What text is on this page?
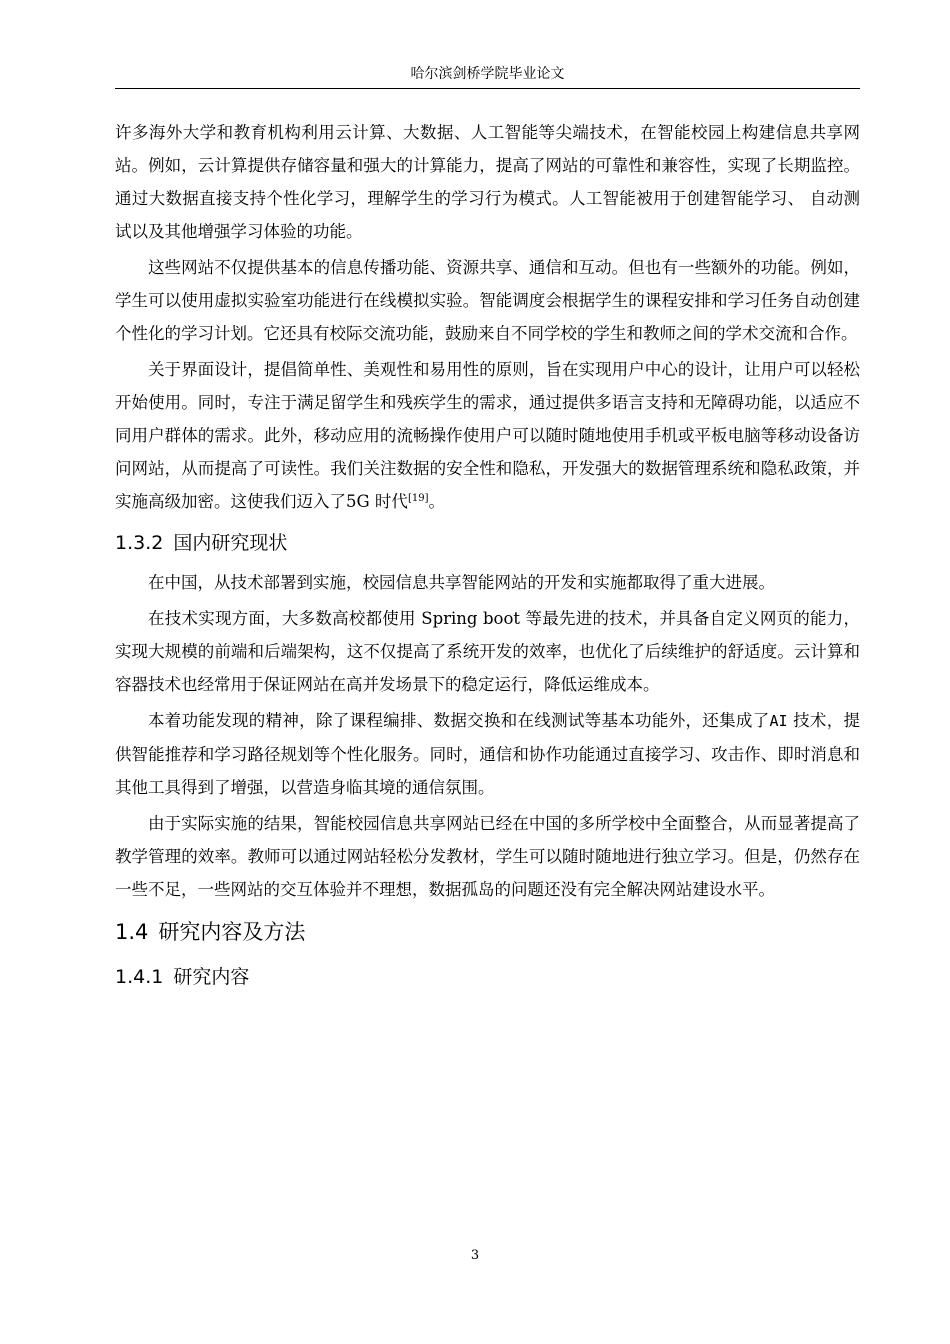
哈尔滨剑桥学院毕业论文

许多海外大学和教育机构利用云计算、大数据、人工智能等尖端技术，在智能校园上构建信息共享网站。例如，云计算提供存储容量和强大的计算能力，提高了网站的可靠性和兼容性，实现了长期监控。通过大数据直接支持个性化学习，理解学生的学习行为模式。人工智能被用于创建智能学习、 自动测试以及其他增强学习体验的功能。

这些网站不仅提供基本的信息传播功能、资源共享、通信和互动。但也有一些额外的功能。例如，学生可以使用虚拟实验室功能进行在线模拟实验。智能调度会根据学生的课程安排和学习任务自动创建个性化的学习计划。它还具有校际交流功能，鼓励来自不同学校的学生和教师之间的学术交流和合作。

关于界面设计，提倡简单性、美观性和易用性的原则，旨在实现用户中心的设计，让用户可以轻松开始使用。同时，专注于满足留学生和残疾学生的需求，通过提供多语言支持和无障碍功能，以适应不同用户群体的需求。此外，移动应用的流畅操作使用户可以随时随地使用手机或平板电脑等移动设备访问网站，从而提高了可读性。我们关注数据的安全性和隐私，开发强大的数据管理系统和隐私政策，并实施高级加密。这使我们迈入了5G 时代[19]。

1.3.2 国内研究现状

在中国，从技术部署到实施，校园信息共享智能网站的开发和实施都取得了重大进展。

在技术实现方面，大多数高校都使用 Spring boot 等最先进的技术，并具备自定义网页的能力，实现大规模的前端和后端架构，这不仅提高了系统开发的效率，也优化了后续维护的舒适度。云计算和容器技术也经常用于保证网站在高并发场景下的稳定运行，降低运维成本。

本着功能发现的精神，除了课程编排、数据交换和在线测试等基本功能外，还集成了AI 技术，提供智能推荐和学习路径规划等个性化服务。同时，通信和协作功能通过直接学习、攻击作、即时消息和其他工具得到了增强，以营造身临其境的通信氛围。

由于实际实施的结果，智能校园信息共享网站已经在中国的多所学校中全面整合，从而显著提高了教学管理的效率。教师可以通过网站轻松分发教材，学生可以随时随地进行独立学习。但是，仍然存在一些不足，一些网站的交互体验并不理想，数据孤岛的问题还没有完全解决网站建设水平。

1.4 研究内容及方法
1.4.1 研究内容
3
